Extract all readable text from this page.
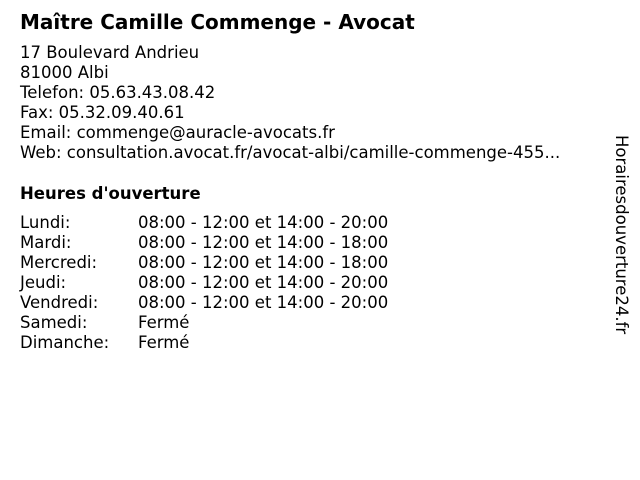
Maître Camille Commenge - Avocat
17 Boulevard Andrieu
81000 Albi
Telefon: 05.63.43.08.42
Fax: 05.32.09.40.61
Email: commenge@auracle-avocats.fr
Web: consultation.avocat.fr/avocat-albi/camille-commenge-455...
Heures d'ouverture
Lundi:	08:00 - 12:00 et 14:00 - 20:00
Mardi:	08:00 - 12:00 et 14:00 - 18:00
Mercredi: 08:00 - 12:00 et 14:00 - 18:00
Jeudi:	08:00 - 12:00 et 14:00 - 20:00
Vendredi: 08:00 - 12:00 et 14:00 - 20:00
Samedi:	Fermé
Dimanche: Fermé
Horairesdouverture24.fr
